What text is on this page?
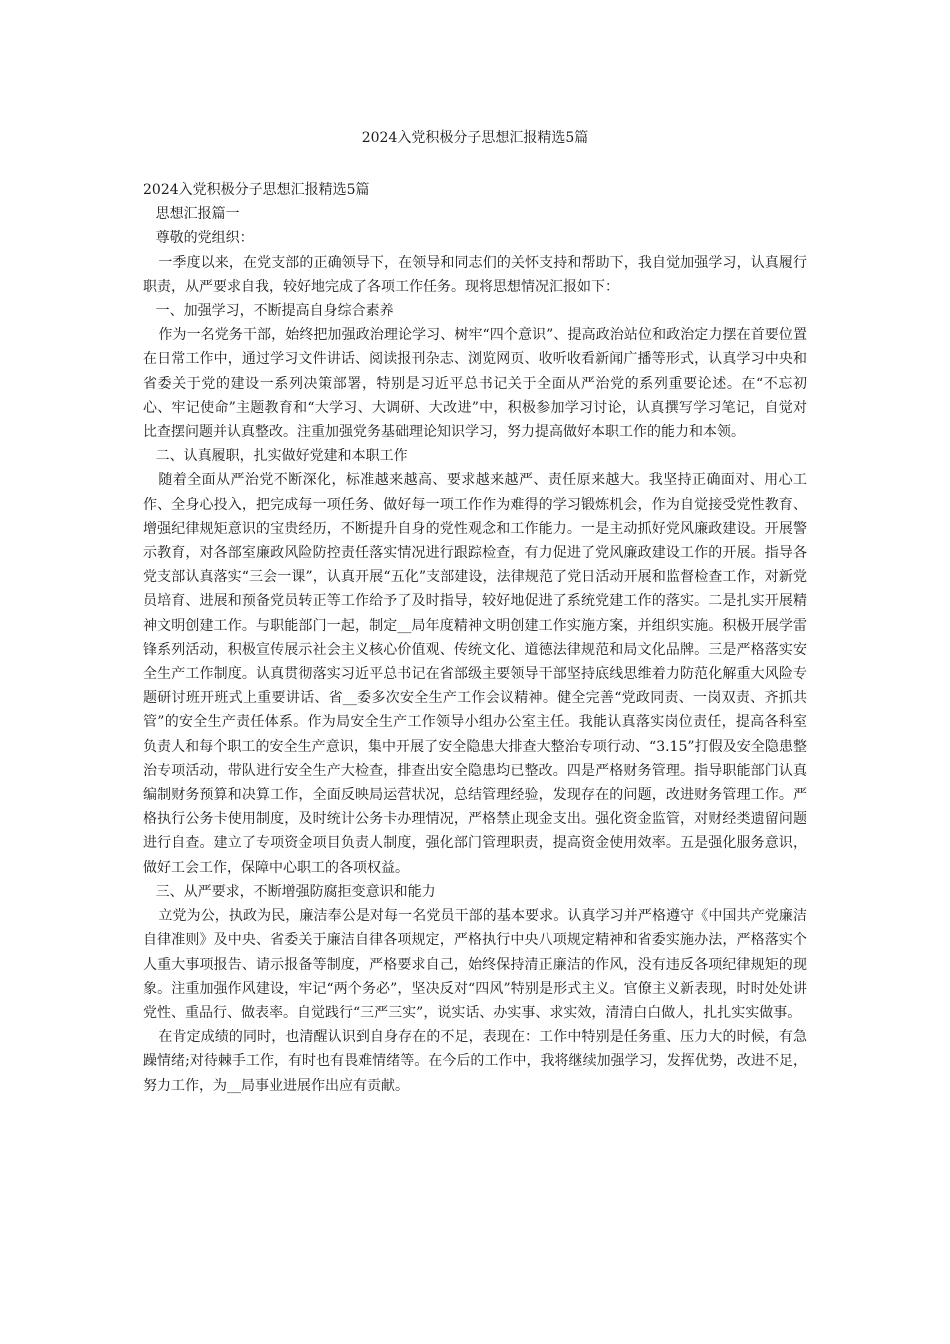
2024入党积极分子思想汇报精选5篇

2024入党积极分子思想汇报精选5篇

思想汇报篇一

尊敬的党组织：

一季度以来，在党支部的正确领导下，在领导和同志们的关怀支持和帮助下，我自觉加强学习，认真履行职责，从严要求自我，较好地完成了各项工作任务。现将思想情况汇报如下：

一、加强学习，不断提高自身综合素养

作为一名党务干部，始终把加强政治理论学习、树牢“四个意识”、提高政治站位和政治定力摆在首要位置在日常工作中，通过学习文件讲话、阅读报刊杂志、浏览网页、收听收看新闻广播等形式，认真学习中央和省委关于党的建设一系列决策部署，特别是习近平总书记关于全面从严治党的系列重要论述。在“不忘初心、牢记使命”主题教育和“大学习、大调研、大改进”中，积极参加学习讨论，认真撰写学习笔记，自觉对比查摆问题并认真整改。注重加强党务基础理论知识学习，努力提高做好本职工作的能力和本领。

二、认真履职，扎实做好党建和本职工作

随着全面从严治党不断深化，标准越来越高、要求越来越严、责任原来越大。我坚持正确面对、用心工作、全身心投入，把完成每一项任务、做好每一项工作作为难得的学习锻炼机会，作为自觉接受党性教育、增强纪律规矩意识的宝贵经历，不断提升自身的党性观念和工作能力。一是主动抓好党风廉政建设。开展警示教育，对各部室廉政风险防控责任落实情况进行跟踪检查，有力促进了党风廉政建设工作的开展。指导各党支部认真落实“三会一课”，认真开展“五化”支部建设，法律规范了党日活动开展和监督检查工作，对新党员培育、进展和预备党员转正等工作给予了及时指导，较好地促进了系统党建工作的落实。二是扎实开展精神文明创建工作。与职能部门一起，制定__局年度精神文明创建工作实施方案，并组织实施。积极开展学雷锋系列活动，积极宣传展示社会主义核心价值观、传统文化、道德法律规范和局文化品牌。三是严格落实安全生产工作制度。认真贯彻落实习近平总书记在省部级主要领导干部坚持底线思维着力防范化解重大风险专题研讨班开班式上重要讲话、省__委多次安全生产工作会议精神。健全完善“党政同责、一岗双责、齐抓共管”的安全生产责任体系。作为局安全生产工作领导小组办公室主任。我能认真落实岗位责任，提高各科室负责人和每个职工的安全生产意识，集中开展了安全隐患大排查大整治专项行动、“3.15”打假及安全隐患整治专项活动，带队进行安全生产大检查，排查出安全隐患均已整改。四是严格财务管理。指导职能部门认真编制财务预算和决算工作，全面反映局运营状况，总结管理经验，发现存在的问题，改进财务管理工作。严格执行公务卡使用制度，及时统计公务卡办理情况，严格禁止现金支出。强化资金监管，对财经类遗留问题进行自查。建立了专项资金项目负责人制度，强化部门管理职责，提高资金使用效率。五是强化服务意识，做好工会工作，保障中心职工的各项权益。

三、从严要求，不断增强防腐拒变意识和能力

立党为公，执政为民，廉洁奉公是对每一名党员干部的基本要求。认真学习并严格遵守《中国共产党廉洁自律准则》及中央、省委关于廉洁自律各项规定，严格执行中央八项规定精神和省委实施办法，严格落实个人重大事项报告、请示报备等制度，严格要求自己，始终保持清正廉洁的作风，没有违反各项纪律规矩的现象。注重加强作风建设，牢记“两个务必”，坚决反对“四风”特别是形式主义。官僚主义新表现，时时处处讲党性、重品行、做表率。自觉践行“三严三实”，说实话、办实事、求实效，清清白白做人，扎扎实实做事。

在肯定成绩的同时，也清醒认识到自身存在的不足，表现在：工作中特别是任务重、压力大的时候，有急躁情绪;对待棘手工作，有时也有畏难情绪等。在今后的工作中，我将继续加强学习，发挥优势，改进不足，努力工作，为__局事业进展作出应有贡献。
